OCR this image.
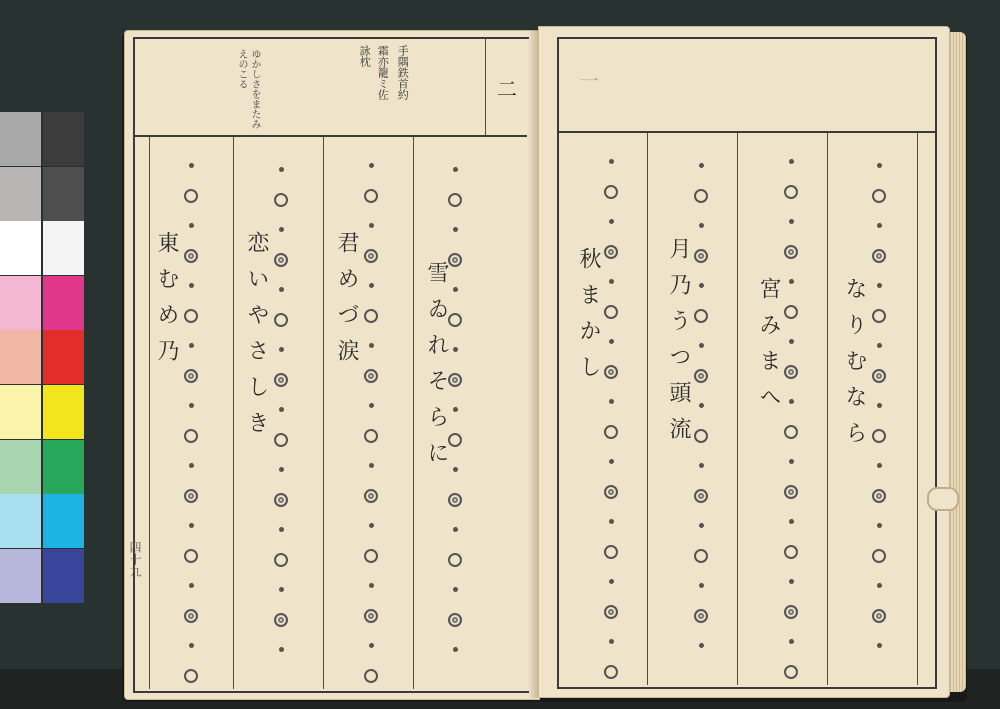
二
手隅鉄首約
霜亦籠ミ佐
詠枕
ゆかしさをまたみえのこる
東むめ乃	恋いやさしき	君めづ涙	雪ゐれそらに
四十九
一
秋まかし	月乃うつ頭流	宮みまへ	なりむなら
